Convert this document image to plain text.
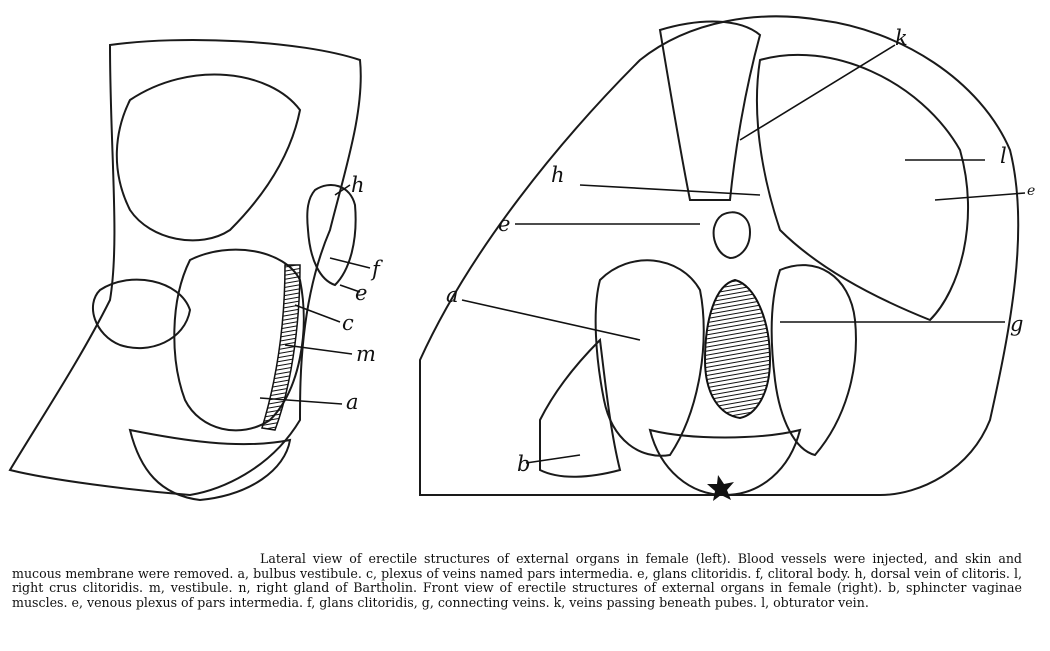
h
f
e
c
m
a
k
h
e
e
l
a
g
b

Lateral view of erectile structures of external organs in female (left). Blood vessels were injected, and skin and mucous membrane were removed. a, bulbus vestibule. c, plexus of veins named pars intermedia. e, glans clitoridis. f, clitoral body. h, dorsal vein of clitoris. l, right crus clitoridis. m, vestibule. n, right gland of Bartholin. Front view of erectile structures of external organs in female (right). b, sphincter vaginae muscles. e, venous plexus of pars intermedia. f, glans clitoridis, g, connecting veins. k, veins passing beneath pubes. l, obturator vein.
